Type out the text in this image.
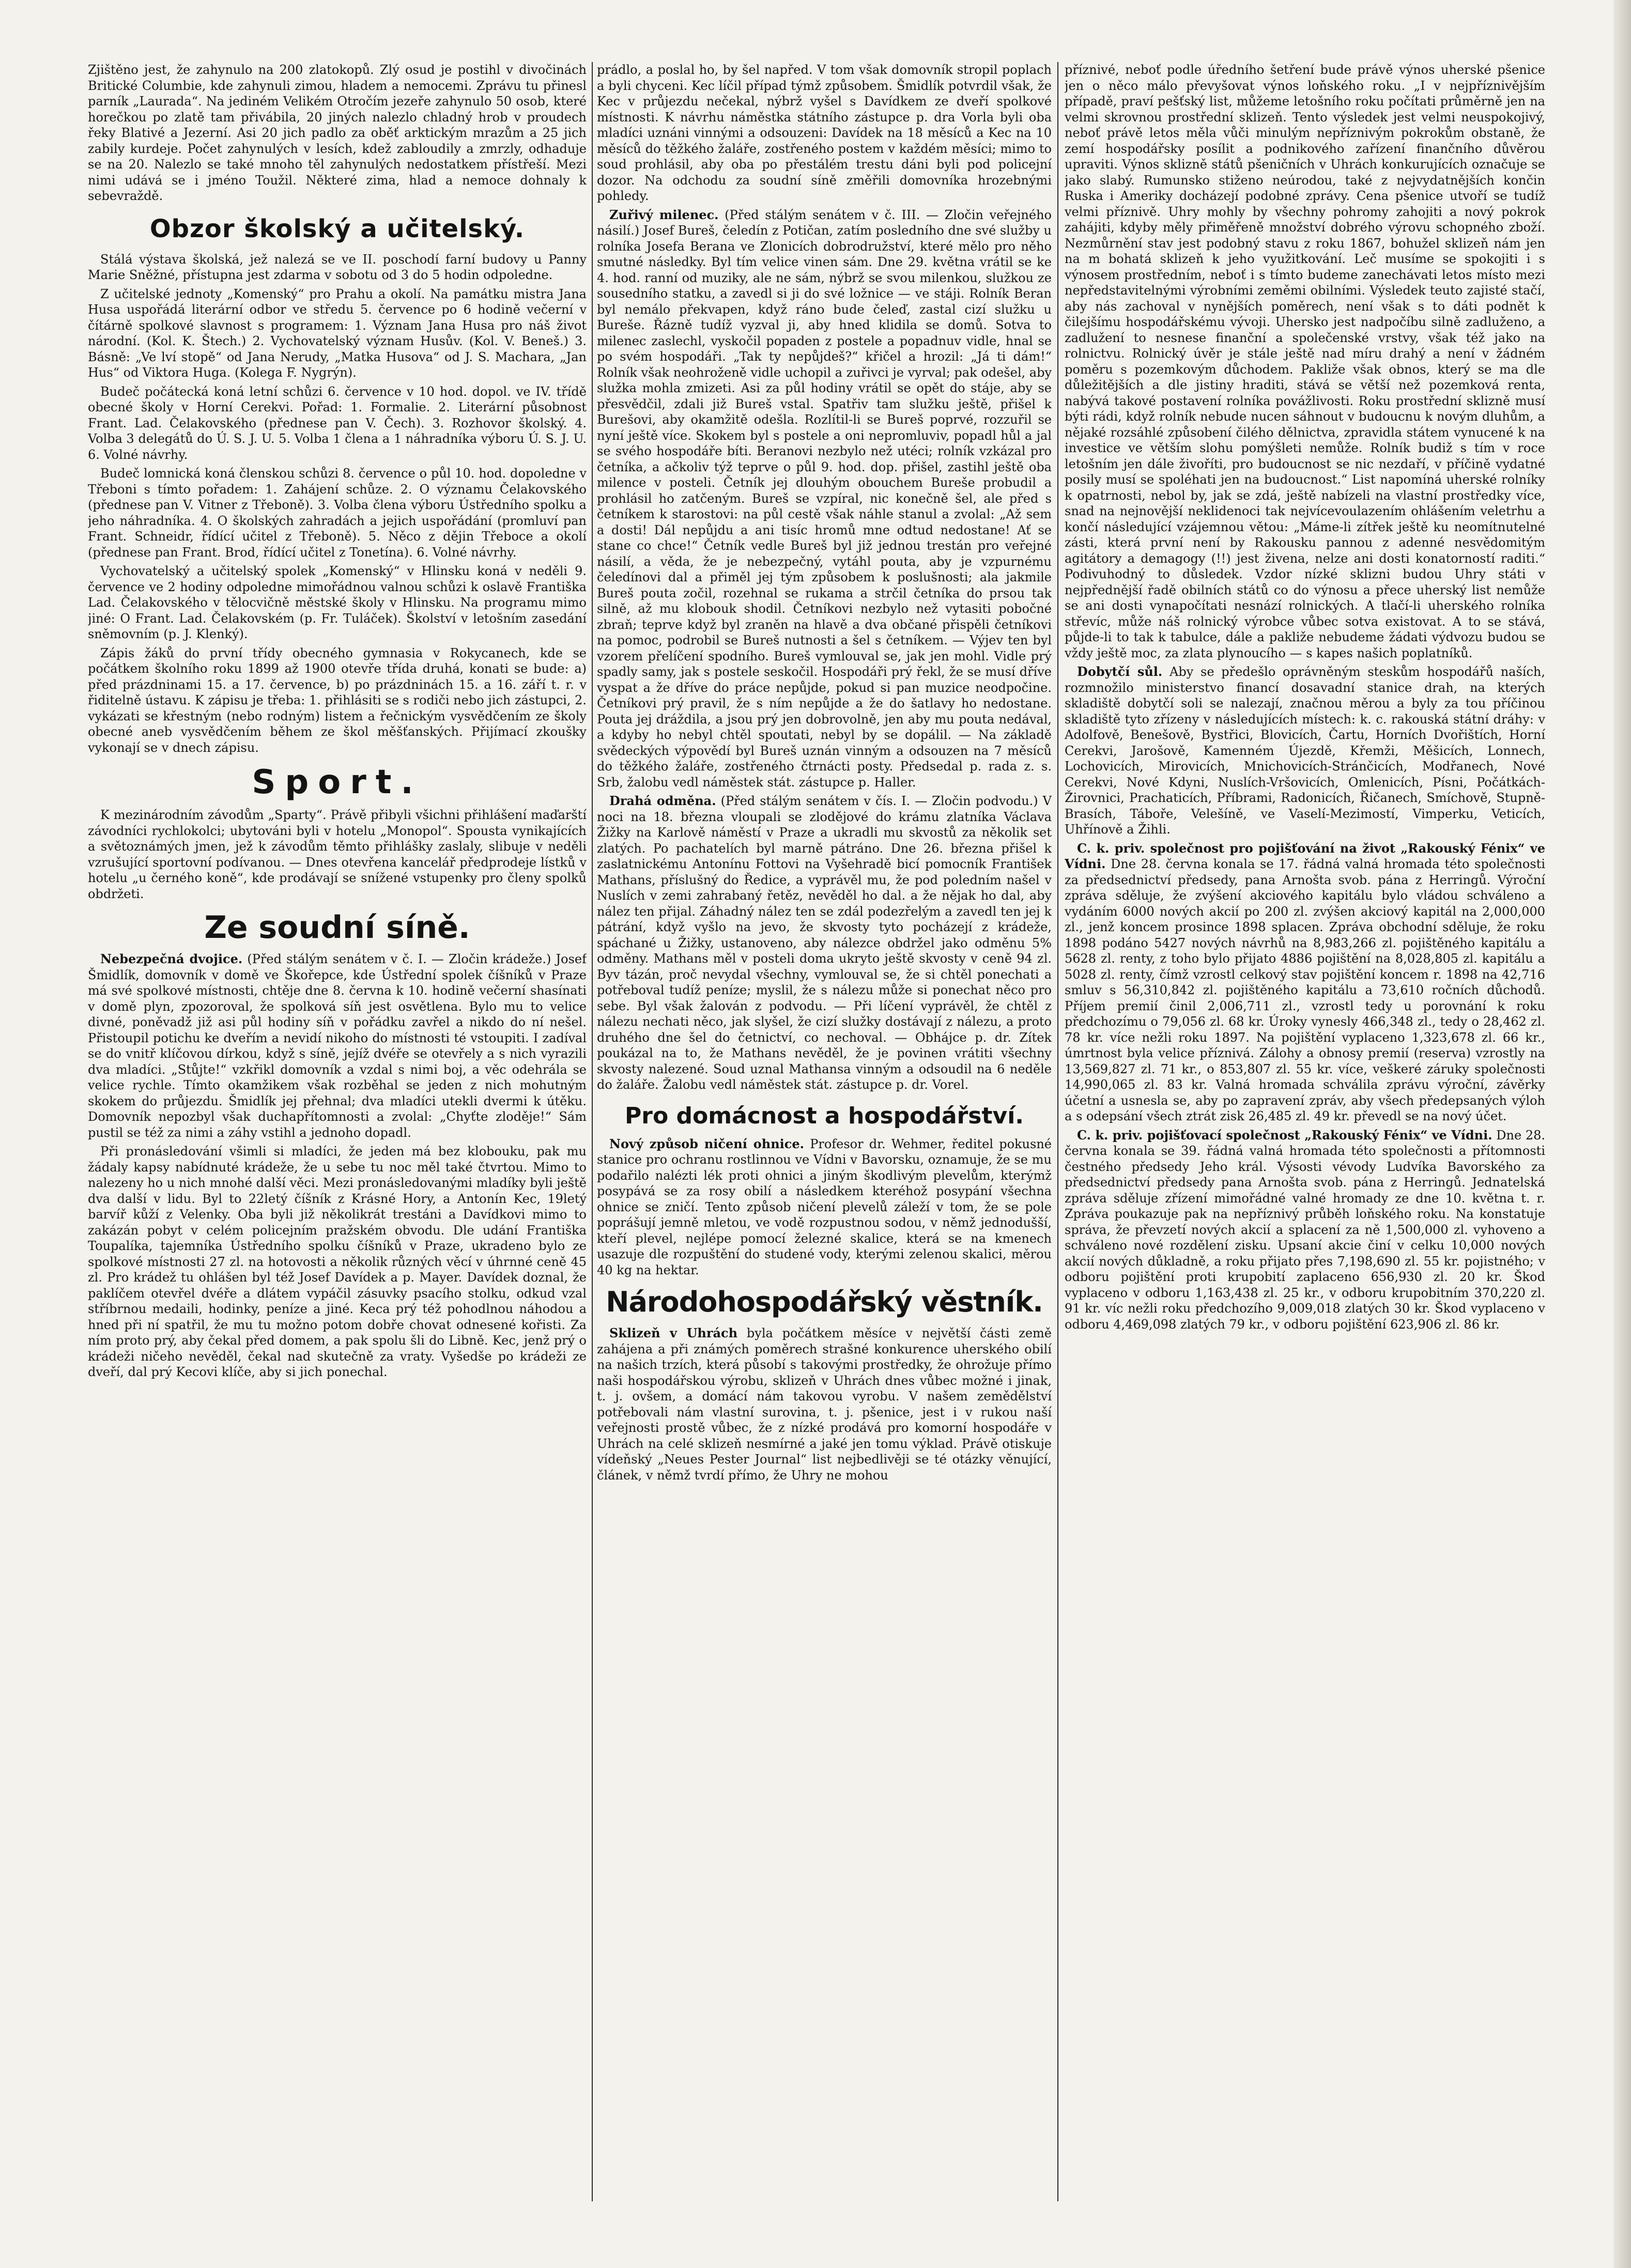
Zjištěno jest, že zahynulo na 200 zlatokopů. Zlý osud je postihl v divočinách Britické Columbie, kde zahynuli zimou, hladem a nemocemi. Zprávu tu přinesl parník „Laurada“. Na jediném Velikém Otročím jezeře zahynulo 50 osob, které horečkou po zlatě tam přivábila, 20 jiných nalezlo chladný hrob v proudech řeky Blativé a Jezerní. Asi 20 jich padlo za oběť arktickým mrazům a 25 jich zabily kurdeje. Počet zahynulých v lesích, kdež zabloudily a zmrzly, odhaduje se na 20. Nalezlo se také mnoho těl zahynulých nedostatkem přístřeší. Mezi nimi udává se i jméno Toužil. Některé zima, hlad a nemoce dohnaly k sebevraždě.

Obzor školský a učitelský.

Stálá výstava školská, jež nalezá se ve II. poschodí farní budovy u Panny Marie Sněžné, přístupna jest zdarma v sobotu od 3 do 5 hodin odpoledne.

Z učitelské jednoty „Komenský“ pro Prahu a okolí. Na památku mistra Jana Husa uspořádá literární odbor ve středu 5. července po 6 hodině večerní v čítárně spolkové slavnost s programem: 1. Význam Jana Husa pro náš život národní. (Kol. K. Štech.) 2. Vychovatelský význam Husův. (Kol. V. Beneš.) 3. Básně: „Ve lví stopě“ od Jana Nerudy, „Matka Husova“ od J. S. Machara, „Jan Hus“ od Viktora Huga. (Kolega F. Nygrýn).

Budeč počátecká koná letní schůzi 6. července v 10 hod. dopol. ve IV. třídě obecné školy v Horní Cerekvi. Pořad: 1. Formalie. 2. Literární působnost Frant. Lad. Čelakovského (přednese pan V. Čech). 3. Rozhovor školský. 4. Volba 3 delegátů do Ú. S. J. U. 5. Volba 1 člena a 1 náhradníka výboru Ú. S. J. U. 6. Volné návrhy.

Budeč lomnická koná členskou schůzi 8. července o půl 10. hod. dopoledne v Třeboni s tímto pořadem: 1. Zahájení schůze. 2. O významu Čelakovského (přednese pan V. Vitner z Třeboně). 3. Volba člena výboru Ústředního spolku a jeho náhradníka. 4. O školských zahradách a jejich uspořádání (promluví pan Frant. Schneidr, řídící učitel z Třeboně). 5. Něco z dějin Třeboce a okolí (přednese pan Frant. Brod, řídící učitel z Tonetína). 6. Volné návrhy.

Vychovatelský a učitelský spolek „Komenský“ v Hlinsku koná v neděli 9. července ve 2 hodiny odpoledne mimořádnou valnou schůzi k oslavě Františka Lad. Čelakovského v tělocvičně městské školy v Hlinsku. Na programu mimo jiné: O Frant. Lad. Čelakovském (p. Fr. Tuláček). Školství v letošním zasedání sněmovním (p. J. Klenký).

Zápis žáků do první třídy obecného gymnasia v Rokycanech, kde se počátkem školního roku 1899 až 1900 otevře třída druhá, konati se bude: a) před prázdninami 15. a 17. července, b) po prázdninách 15. a 16. září t. r. v řiditelně ústavu. K zápisu je třeba: 1. přihlásiti se s rodiči nebo jich zástupci, 2. vykázati se křestným (nebo rodným) listem a řečnickým vysvědčením ze školy obecné aneb vysvědčením během ze škol měšťanských. Přijímací zkoušky vykonají se v dnech zápisu.

Sport.

K mezinárodním závodům „Sparty“. Právě přibyli všichni přihlášení maďarští závodníci rychlokolci; ubytováni byli v hotelu „Monopol“. Spousta vynikajících a světoznámých jmen, jež k závodům těmto přihlášky zaslaly, slibuje v neděli vzrušující sportovní podívanou. — Dnes otevřena kancelář předprodeje lístků v hotelu „u černého koně“, kde prodávají se snížené vstupenky pro členy spolků obdržeti.

Ze soudní síně.

Nebezpečná dvojice. (Před stálým senátem v č. I. — Zločin krádeže.) Josef Šmidlík, domovník v domě ve Škořepce, kde Ústřední spolek číšníků v Praze má své spolkové místnosti, chtěje dne 8. června k 10. hodině večerní shasínati v domě plyn, zpozoroval, že spolková síň jest osvětlena. Bylo mu to velice divné, poněvadž již asi půl hodiny síň v pořádku zavřel a nikdo do ní nešel. Přistoupil potichu ke dveřím a nevidí nikoho do místnosti té vstoupiti. I zadíval se do vnitř klíčovou dírkou, když s síně, jejíž dvéře se otevřely a s nich vyrazili dva mladíci. „Stůjte!“ vzkřikl domovník a vzdal s nimi boj, a věc odehrála se velice rychle. Tímto okamžikem však rozběhal se jeden z nich mohutným skokem do průjezdu. Šmidlík jej přehnal; dva mladíci utekli dvermi k útěku. Domovník nepozbyl však duchapřítomnosti a zvolal: „Chyťte zloděje!“ Sám pustil se též za nimi a záhy vstihl a jednoho dopadl.

Při pronásledování všimli si mladíci, že jeden má bez klobouku, pak mu žádaly kapsy nabídnuté krádeže, že u sebe tu noc měl také čtvrtou. Mimo to nalezeny ho u nich mnohé další věci. Mezi pronásledovanými mladíky byli ještě dva další v lidu. Byl to 22letý číšník z Krásné Hory, a Antonín Kec, 19letý barvíř kůží z Velenky. Oba byli již několikrát trestáni a Davídkovi mimo to zakázán pobyt v celém policejním pražském obvodu. Dle udání Františka Toupalíka, tajemníka Ústředního spolku číšníků v Praze, ukradeno bylo ze spolkové místnosti 27 zl. na hotovosti a několik různých věcí v úhrnné ceně 45 zl. Pro krádež tu ohlášen byl též Josef Davídek a p. Mayer. Davídek doznal, že paklíčem otevřel dvéře a dlátem vypáčil zásuvky psacího stolku, odkud vzal stříbrnou medaili, hodinky, peníze a jiné. Keca prý též pohodlnou náhodou a hned při ní spatřil, že mu tu možno potom dobře chovat odnesené kořisti. Za ním proto prý, aby čekal před domem, a pak spolu šli do Libně. Kec, jenž prý o krádeži ničeho nevěděl, čekal nad skutečně za vraty. Vyšedše po krádeži ze dveří, dal prý Kecovi klíče, aby si jich ponechal.

prádlo, a poslal ho, by šel napřed. V tom však domovník stropil poplach a byli chyceni. Kec líčil případ týmž způsobem. Šmidlík potvrdil však, že Kec v průjezdu nečekal, nýbrž vyšel s Davídkem ze dveří spolkové místnosti. K návrhu náměstka státního zástupce p. dra Vorla byli oba mladíci uznáni vinnými a odsouzeni: Davídek na 18 měsíců a Kec na 10 měsíců do těžkého žaláře, zostřeného postem v každém měsíci; mimo to soud prohlásil, aby oba po přestálém trestu dáni byli pod policejní dozor. Na odchodu za soudní síně změřili domovníka hrozebnými pohledy.

Zuřivý milenec. (Před stálým senátem v č. III. — Zločin veřejného násilí.) Josef Bureš, čeledín z Potičan, zatím posledního dne své služby u rolníka Josefa Berana ve Zlonicích dobrodružství, které mělo pro něho smutné následky. Byl tím velice vinen sám. Dne 29. května vrátil se ke 4. hod. ranní od muziky, ale ne sám, nýbrž se svou milenkou, služkou ze sousedního statku, a zavedl si ji do své ložnice — ve stáji. Rolník Beran byl nemálo překvapen, když ráno bude čeleď, zastal cizí služku u Bureše. Řázně tudíž vyzval ji, aby hned klidila se domů. Sotva to milenec zaslechl, vyskočil popaden z postele a popadnuv vidle, hnal se po svém hospodáři. „Tak ty nepůjdeš?“ křičel a hrozil: „Já ti dám!“ Rolník však neohroženě vidle uchopil a zuřivci je vyrval; pak odešel, aby služka mohla zmizeti. Asi za půl hodiny vrátil se opět do stáje, aby se přesvědčil, zdali již Bureš vstal. Spatřiv tam služku ještě, přišel k Burešovi, aby okamžitě odešla. Rozlítil-li se Bureš poprvé, rozzuřil se nyní ještě více. Skokem byl s postele a oni nepromluviv, popadl hůl a jal se svého hospodáře bíti. Beranovi nezbylo než utéci; rolník vzkázal pro četníka, a ačkoliv týž teprve o půl 9. hod. dop. přišel, zastihl ještě oba milence v posteli. Četník jej dlouhým obouchem Bureše probudil a prohlásil ho zatčeným. Bureš se vzpíral, nic konečně šel, ale před s četníkem k starostovi: na půl cestě však náhle stanul a zvolal: „Až sem a dosti! Dál nepůjdu a ani tisíc hromů mne odtud nedostane! Ať se stane co chce!“ Četník vedle Bureš byl již jednou trestán pro veřejné násilí, a věda, že je nebezpečný, vytáhl pouta, aby je vzpurnému čeledínovi dal a přiměl jej tým způsobem k poslušnosti; ala jakmile Bureš pouta zočil, rozehnal se rukama a strčil četníka do prsou tak silně, až mu klobouk shodil. Četníkovi nezbylo než vytasiti pobočné zbraň; teprve když byl zraněn na hlavě a dva občané přispěli četníkovi na pomoc, podrobil se Bureš nutnosti a šel s četníkem. — Výjev ten byl vzorem přelíčení spodního. Bureš vymlouval se, jak jen mohl. Vidle prý spadly samy, jak s postele seskočil. Hospodáři prý řekl, že se musí dříve vyspat a že dříve do práce nepůjde, pokud si pan muzice neodpočine. Četníkovi prý pravil, že s ním nepůjde a že do šatlavy ho nedostane. Pouta jej dráždila, a jsou prý jen dobrovolně, jen aby mu pouta nedával, a kdyby ho nebyl chtěl spoutati, nebyl by se dopálil. — Na základě svědeckých výpovědí byl Bureš uznán vinným a odsouzen na 7 měsíců do těžkého žaláře, zostřeného čtrnácti posty. Předsedal p. rada z. s. Srb, žalobu vedl náměstek stát. zástupce p. Haller.

Drahá odměna. (Před stálým senátem v čís. I. — Zločin podvodu.) V noci na 18. března vloupali se zlodějové do krámu zlatníka Václava Žižky na Karlově náměstí v Praze a ukradli mu skvostů za několik set zlatých. Po pachatelích byl marně pátráno. Dne 26. března přišel k zaslatnickému Antonínu Fottovi na Vyšehradě bicí pomocník František Mathans, příslušný do Ředice, a vyprávěl mu, že pod poledním našel v Nuslích v zemi zahrabaný řetěz, nevěděl ho dal. a že nějak ho dal, aby nález ten přijal. Záhadný nález ten se zdál podezřelým a zavedl ten jej k pátrání, když vyšlo na jevo, že skvosty tyto pocházejí z krádeže, spáchané u Žižky, ustanoveno, aby nálezce obdržel jako odměnu 5% odměny. Mathans měl v posteli doma ukryto ještě skvosty v ceně 94 zl. Byv tázán, proč nevydal všechny, vymlouval se, že si chtěl ponechati a potřeboval tudíž peníze; myslil, že s nálezu může si ponechat něco pro sebe. Byl však žalován z podvodu. — Při líčení vyprávěl, že chtěl z nálezu nechati něco, jak slyšel, že cizí služky dostávají z nálezu, a proto druhého dne šel do četnictví, co nechoval. — Obhájce p. dr. Zítek poukázal na to, že Mathans nevěděl, že je povinen vrátiti všechny skvosty nalezené. Soud uznal Mathansa vinným a odsoudil na 6 neděle do žaláře. Žalobu vedl náměstek stát. zástupce p. dr. Vorel.

Pro domácnost a hospodářství.

Nový způsob ničení ohnice. Profesor dr. Wehmer, ředitel pokusné stanice pro ochranu rostlinnou ve Vídni v Bavorsku, oznamuje, že se mu podařilo nalézti lék proti ohnici a jiným škodlivým plevelům, kterýmž posypává se za rosy obilí a následkem kteréhož posypání všechna ohnice se zničí. Tento způsob ničení plevelů záleží v tom, že se pole poprášují jemně mletou, ve vodě rozpustnou sodou, v němž jednodušší, kteří plevel, nejlépe pomocí železné skalice, která se na kmenech usazuje dle rozpuštění do studené vody, kterými zelenou skalici, měrou 40 kg na hektar.

Národohospodářský věstník.

Sklizeň v Uhrách byla počátkem měsíce v největší části země zahájena a při známých poměrech strašné konkurence uherského obilí na našich trzích, která působí s takovými prostředky, že ohrožuje přímo naši hospodářskou výrobu, sklizeň v Uhrách dnes vůbec možné i jinak, t. j. ovšem, a domácí nám takovou vyrobu. V našem zemědělství potřebovali nám vlastní surovina, t. j. pšenice, jest i v rukou naší veřejnosti prostě vůbec, že z nízké prodává pro komorní hospodáře v Uhrách na celé sklizeň nesmírné a jaké jen tomu výklad. Právě otiskuje vídeňský „Neues Pester Journal“ list nejbedlivěji se té otázky věnující, článek, v němž tvrdí přímo, že Uhry ne mohou

příznivé, neboť podle úředního šetření bude právě výnos uherské pšenice jen o něco málo převyšovat výnos loňského roku. „I v nejpříznivějším případě, praví pešťský list, můžeme letošního roku počítati průměrně jen na velmi skrovnou prostřední sklizeň. Tento výsledek jest velmi neuspokojivý, neboť právě letos měla vůči minulým nepříznivým pokrokům obstaně, že zemí hospodářsky posílit a podnikového zařízení finančního důvěrou upraviti. Výnos sklizně států pšeničních v Uhrách konkurujících označuje se jako slabý. Rumunsko stiženo neúrodou, také z nejvydatnějších končin Ruska i Ameriky docházejí podobné zprávy. Cena pšenice utvoří se tudíž velmi příznivě. Uhry mohly by všechny pohromy zahojiti a nový pokrok zahájiti, kdyby měly přiměřeně množství dobrého výrovu schopného zboží. Nezmůrnění stav jest podobný stavu z roku 1867, bohužel sklizeň nám jen na m bohatá sklizeň k jeho využitkování. Leč musíme se spokojiti i s výnosem prostředním, neboť i s tímto budeme zanechávati letos místo mezi nepředstavitelnými výrobními zeměmi obilními. Výsledek teuto zajisté stačí, aby nás zachoval v nynějších poměrech, není však s to dáti podnět k čilejšímu hospodářskému vývoji. Uhersko jest nadpočíbu silně zadluženo, a zadlužení to nesnese finanční a společenské vrstvy, však též jako na rolnictvu. Rolnický úvěr je stále ještě nad míru drahý a není v žádném poměru s pozemkovým důchodem. Pakliže však obnos, který se ma dle důležitějších a dle jistiny hraditi, stává se větší než pozemková renta, nabývá takové postavení rolníka povážlivosti. Roku prostřední sklizně musí býti rádi, když rolník nebude nucen sáhnout v budoucnu k novým dluhům, a nějaké rozsáhlé způsobení čilého dělnictva, zpravidla státem vynucené k na investice ve větším slohu pomýšleti nemůže. Rolník budiž s tím v roce letošním jen dále živoříti, pro budoucnost se nic nezdaří, v příčině vydatné posily musí se spoléhati jen na budoucnost.“ List napomíná uherské rolníky k opatrnosti, nebol by, jak se zdá, ještě nabízeli na vlastní prostředky více, snad na nejnovější neklidenoci tak nejvícevoulazením ohlášením veletrhu a končí následující vzájemnou větou: „Máme-li zítřek ještě ku neomítnutelné zásti, která první není by Rakousku pannou z adenné nesvědomitým agitátory a demagogy (!!) jest živena, nelze ani dosti konatorností raditi.“ Podivuhodný to důsledek. Vzdor nízké sklizni budou Uhry státi v nejpřednější řadě obilních států co do výnosu a přece uherský list nemůže se ani dosti vynapočítati nesnází rolnických. A tlačí-li uherského rolníka střevíc, může náš rolnický výrobce vůbec sotva existovat. A to se stává, půjde-li to tak k tabulce, dále a pakliže nebudeme žádati výdvozu budou se vždy ještě moc, za zlata plynoucího — s kapes našich poplatníků.

Dobytčí sůl. Aby se předešlo oprávněným steskům hospodářů naších, rozmnožilo ministerstvo financí dosavadní stanice drah, na kterých skladiště dobytčí soli se nalezají, značnou měrou a byly za tou příčinou skladiště tyto zřízeny v následujících místech: k. c. rakouská státní dráhy: v Adolfově, Benešově, Bystřici, Blovicích, Čartu, Horních Dvořištích, Horní Cerekvi, Jarošově, Kamenném Újezdě, Křemži, Měšicích, Lonnech, Lochovicích, Mirovicích, Mnichovicích-Stránčicích, Modřanech, Nové Cerekvi, Nové Kdyni, Nuslích-Vršovicích, Omlenicích, Písni, Počátkách-Žirovnici, Prachaticích, Příbrami, Radonicích, Řičanech, Smíchově, Stupně-Brasích, Táboře, Velešíně, ve Vaselí-Mezimostí, Vimperku, Veticích, Uhřínově a Žihli.

C. k. priv. společnost pro pojišťování na život „Rakouský Fénix“ ve Vídni. Dne 28. června konala se 17. řádná valná hromada této společnosti za předsednictví předsedy, pana Arnošta svob. pána z Herringů. Výroční zpráva sděluje, že zvýšení akciového kapitálu bylo vládou schváleno a vydáním 6000 nových akcií po 200 zl. zvýšen akciový kapitál na 2,000,000 zl., jenž koncem prosince 1898 splacen. Zpráva obchodní sděluje, že roku 1898 podáno 5427 nových návrhů na 8,983,266 zl. pojištěného kapitálu a 5628 zl. renty, z toho bylo přijato 4886 pojištění na 8,028,805 zl. kapitálu a 5028 zl. renty, čímž vzrostl celkový stav pojištění koncem r. 1898 na 42,716 smluv s 56,310,842 zl. pojištěného kapitálu a 73,610 ročních důchodů. Příjem premií činil 2,006,711 zl., vzrostl tedy u porovnání k roku předchozímu o 79,056 zl. 68 kr. Úroky vynesly 466,348 zl., tedy o 28,462 zl. 78 kr. více nežli roku 1897. Na pojištění vyplaceno 1,323,678 zl. 66 kr., úmrtnost byla velice příznivá. Zálohy a obnosy premií (reserva) vzrostly na 13,569,827 zl. 71 kr., o 853,807 zl. 55 kr. více, veškeré záruky společnosti 14,990,065 zl. 83 kr. Valná hromada schválila zprávu výroční, závěrky účetní a usnesla se, aby po zapravení zpráv, aby všech předepsaných výloh a s odepsání všech ztrát zisk 26,485 zl. 49 kr. převedl se na nový účet.

C. k. priv. pojišťovací společnost „Rakouský Fénix“ ve Vídni. Dne 28. června konala se 39. řádná valná hromada této společnosti a přítomnosti čestného předsedy Jeho král. Výsosti vévody Ludvíka Bavorského za předsednictví předsedy pana Arnošta svob. pána z Herringů. Jednatelská zpráva sděluje zřízení mimořádné valné hromady ze dne 10. května t. r. Zpráva poukazuje pak na nepříznivý průběh loňského roku. Na konstatuje správa, že převzetí nových akcií a splacení za ně 1,500,000 zl. vyhoveno a schváleno nové rozdělení zisku. Upsaní akcie činí v celku 10,000 nových akcií nových důkladně, a roku přijato přes 7,198,690 zl. 55 kr. pojistného; v odboru pojištění proti krupobití zaplaceno 656,930 zl. 20 kr. Škod vyplaceno v odboru 1,163,438 zl. 25 kr., v odboru krupobitním 370,220 zl. 91 kr. víc nežli roku předchozího 9,009,018 zlatých 30 kr. Škod vyplaceno v odboru 4,469,098 zlatých 79 kr., v odboru pojištění 623,906 zl. 86 kr.
